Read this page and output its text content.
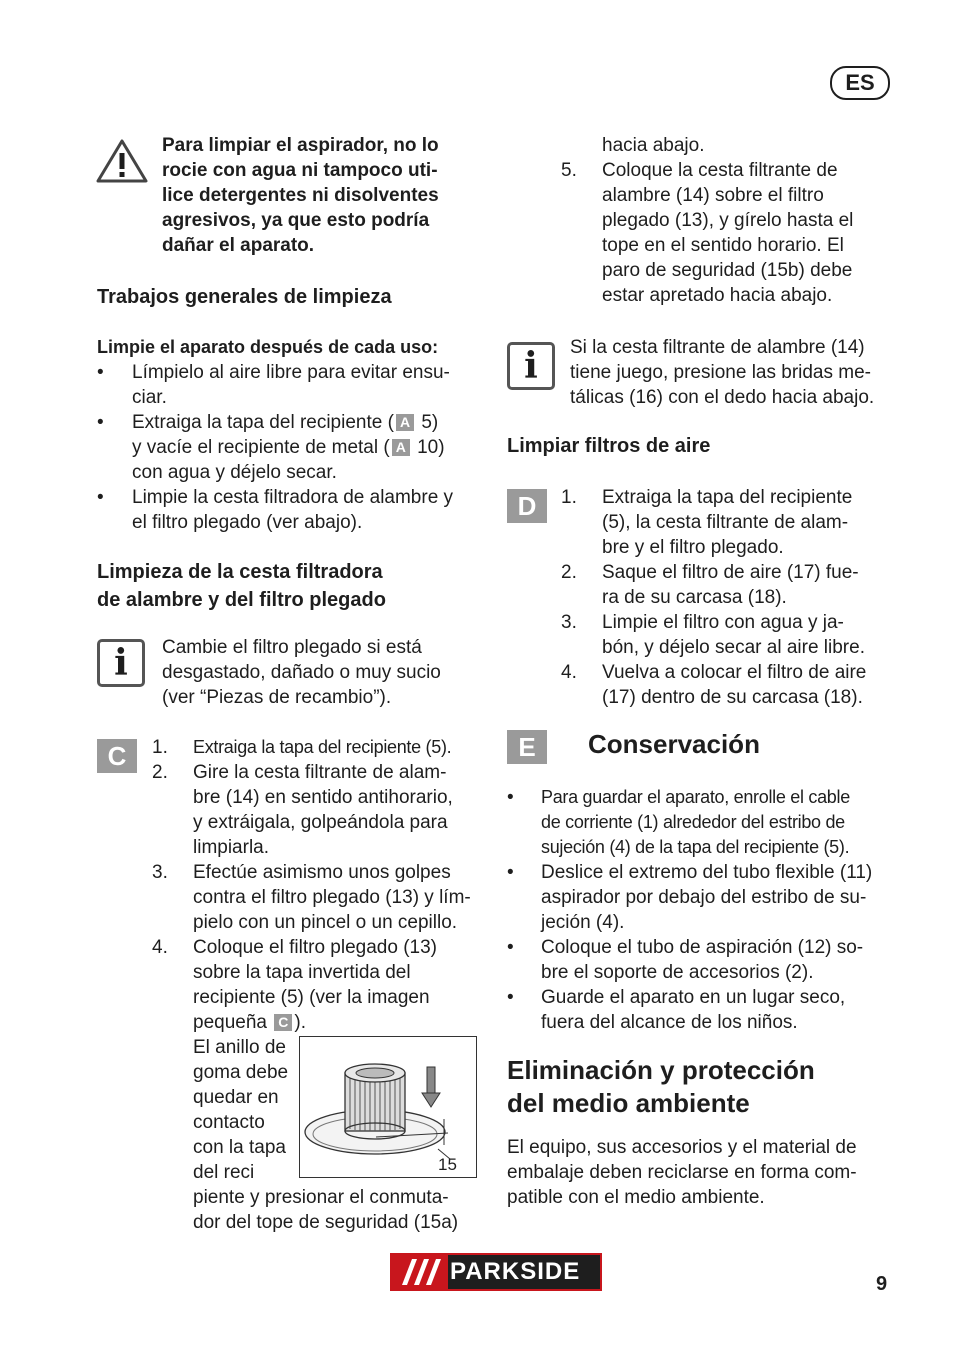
ES
Para limpiar el aspirador, no lo
rocie con agua ni tampoco uti-
lice detergentes ni disolventes
agresivos, ya que esto podría
dañar el aparato.
Trabajos generales de limpieza
Limpie el aparato después de cada uso:
• Límpielo al aire libre para evitar ensu-
ciar.
• Extraiga la tapa del recipiente ( A 5)
y vacíe el recipiente de metal ( A 10)
con agua y déjelo secar.
• Limpie la cesta filtradora de alambre y
el filtro plegado (ver abajo).
Limpieza de la cesta filtradora
de alambre y del filtro plegado
i	Cambie el filtro plegado si está
desgastado, dañado o muy sucio
(ver “Piezas de recambio”).
C	1. Extraiga la tapa del recipiente (5).
2. Gire la cesta filtrante de alam-
bre (14) en sentido antihorario,
y extráigala, golpeándola para
limpiarla.
3. Efectúe asimismo unos golpes
contra el filtro plegado (13) y lím-
pielo con un pincel o un cepillo.
4. Coloque el filtro plegado (13)
sobre la tapa invertida del
recipiente (5) (ver la imagen
pequeña C ).
El anillo de
goma debe
quedar en
contacto
con la tapa
del reci
piente y presionar el conmuta-
dor del tope de seguridad (15a)
15
hacia abajo.
5. Coloque la cesta filtrante de
alambre (14) sobre el filtro
plegado (13), y gírelo hasta el
tope en el sentido horario. El
paro de seguridad (15b) debe
estar apretado hacia abajo.
i	Si la cesta filtrante de alambre (14)
tiene juego, presione las bridas me-
tálicas (16) con el dedo hacia abajo.
Limpiar filtros de aire
D	1. Extraiga la tapa del recipiente
(5), la cesta filtrante de alam-
bre y el filtro plegado.
2. Saque el filtro de aire (17) fue-
ra de su carcasa (18).
3. Limpie el filtro con agua y ja-
bón, y déjelo secar al aire libre.
4. Vuelva a colocar el filtro de aire
(17) dentro de su carcasa (18).
E	Conservación
• Para guardar el aparato, enrolle el cable
de corriente (1) alrededor del estribo de
sujeción (4) de la tapa del recipiente (5).
• Deslice el extremo del tubo flexible (11)
aspirador por debajo del estribo de su-
jeción (4).
• Coloque el tubo de aspiración (12) so-
bre el soporte de accesorios (2).
• Guarde el aparato en un lugar seco,
fuera del alcance de los niños.
Eliminación y protección
del medio ambiente
El equipo, sus accesorios y el material de
embalaje deben reciclarse en forma com-
patible con el medio ambiente.
PARKSIDE	9
